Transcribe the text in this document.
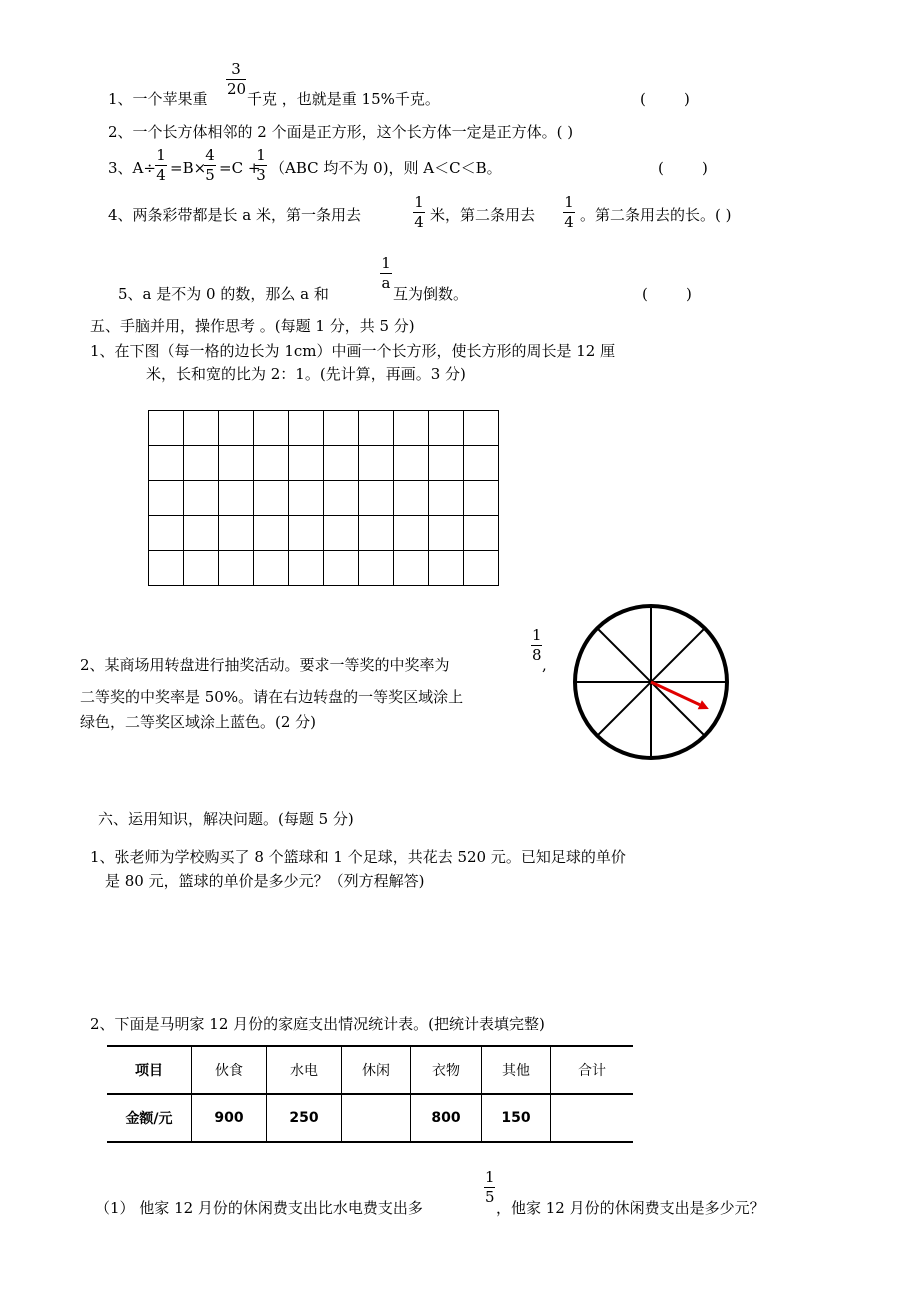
1、一个苹果重
3
20
千克 ，也就是重 15%千克。	(        )
2、一个长方体相邻的 2 个面是正方形，这个长方体一定是正方体。( )
3、A÷
1
4 =B×
4
5 =C +
1
3 （ABC 均不为 0)，则 A＜C＜B。	(        )
4、两条彩带都是长 a 米，第一条用去
1
4 米，第二条用去
1
4 。第二条用去的长。( )
5、a 是不为 0 的数，那么 a 和
1
a
互为倒数。	(        )
五、手脑并用，操作思考 。(每题 1 分，共 5 分)
1、在下图（每一格的边长为 1cm）中画一个长方形，使长方形的周长是 12 厘
米，长和宽的比为 2：1。(先计算，再画。3 分)

2、某商场用转盘进行抽奖活动。要求一等奖的中奖率为
1
8
,
二等奖的中奖率是 50%。请在右边转盘的一等奖区域涂上
绿色，二等奖区域涂上蓝色。(2 分)
六、运用知识，解决问题。(每题 5 分)
1、张老师为学校购买了 8 个篮球和 1 个足球，共花去 520 元。已知足球的单价
是 80 元，篮球的单价是多少元？（列方程解答)
2、下面是马明家 12 月份的家庭支出情况统计表。(把统计表填完整)
项目	伙食	水电	休闲	衣物	其他	合计
金额/元	900	250		800	150	
（1） 他家 12 月份的休闲费支出比水电费支出多
1
5
，他家 12 月份的休闲费支出是多少元？
